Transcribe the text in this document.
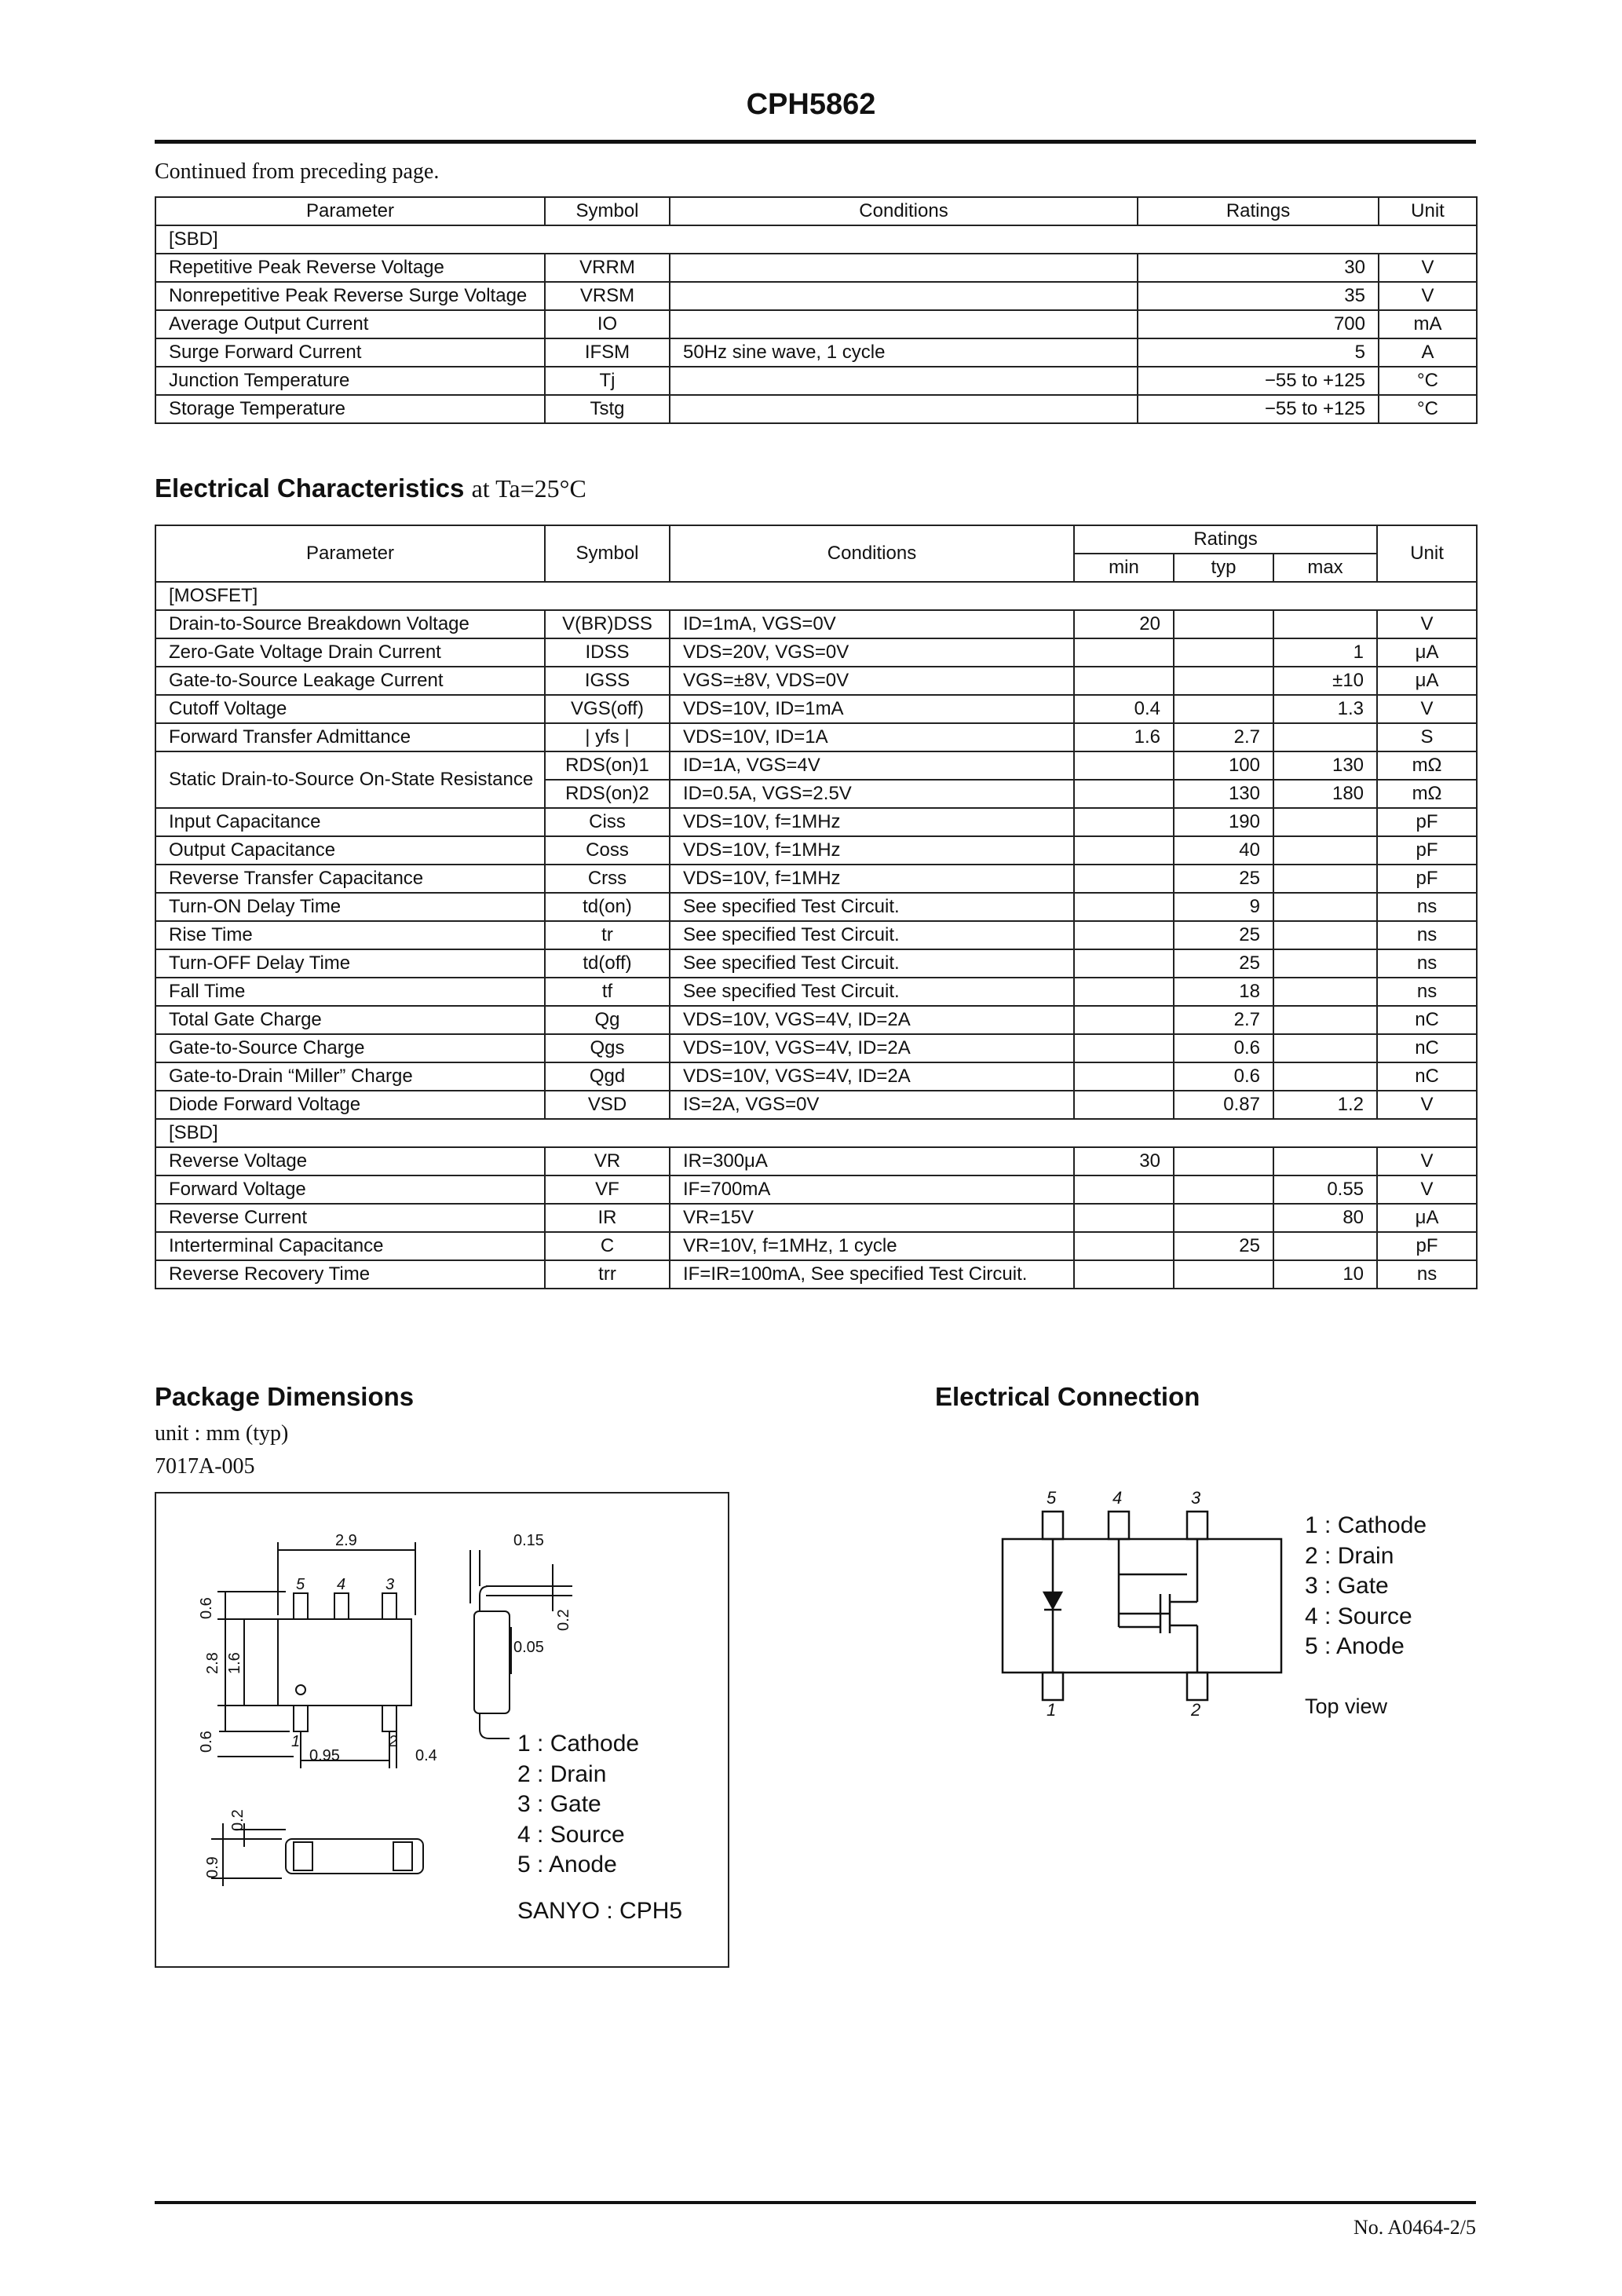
CPH5862
Continued from preceding page.
Parameter	Symbol	Conditions	Ratings	Unit
[SBD]				
Repetitive Peak Reverse Voltage	VRRM		30	V
Nonrepetitive Peak Reverse Surge Voltage	VRSM		35	V
Average Output Current	IO		700	mA
Surge Forward Current	IFSM	50Hz sine wave, 1 cycle	5	A
Junction Temperature	Tj		−55 to +125	°C
Storage Temperature	Tstg		−55 to +125	°C
Electrical Characteristics at Ta=25°C
Parameter	Symbol	Conditions	Ratings			Unit
			min	typ	max	
[MOSFET]						
Drain-to-Source Breakdown Voltage	V(BR)DSS	ID=1mA, VGS=0V	20			V
Zero-Gate Voltage Drain Current	IDSS	VDS=20V, VGS=0V			1	μA
Gate-to-Source Leakage Current	IGSS	VGS=±8V, VDS=0V			±10	μA
Cutoff Voltage	VGS(off)	VDS=10V, ID=1mA	0.4		1.3	V
Forward Transfer Admittance	| yfs |	VDS=10V, ID=1A	1.6	2.7		S
Static Drain-to-Source On-State Resistance	RDS(on)1	ID=1A, VGS=4V		100	130	mΩ
	RDS(on)2	ID=0.5A, VGS=2.5V		130	180	mΩ
Input Capacitance	Ciss	VDS=10V, f=1MHz		190		pF
Output Capacitance	Coss	VDS=10V, f=1MHz		40		pF
Reverse Transfer Capacitance	Crss	VDS=10V, f=1MHz		25		pF
Turn-ON Delay Time	td(on)	See specified Test Circuit.		9		ns
Rise Time	tr	See specified Test Circuit.		25		ns
Turn-OFF Delay Time	td(off)	See specified Test Circuit.		25		ns
Fall Time	tf	See specified Test Circuit.		18		ns
Total Gate Charge	Qg	VDS=10V, VGS=4V, ID=2A		2.7		nC
Gate-to-Source Charge	Qgs	VDS=10V, VGS=4V, ID=2A		0.6		nC
Gate-to-Drain “Miller” Charge	Qgd	VDS=10V, VGS=4V, ID=2A		0.6		nC
Diode Forward Voltage	VSD	IS=2A, VGS=0V		0.87	1.2	V
[SBD]						
Reverse Voltage	VR	IR=300μA	30			V
Forward Voltage	VF	IF=700mA			0.55	V
Reverse Current	IR	VR=15V			80	μA
Interterminal Capacitance	C	VR=10V, f=1MHz, 1 cycle		25		pF
Reverse Recovery Time	trr	IF=IR=100mA, See specified Test Circuit.			10	ns
Package Dimensions
unit : mm (typ)
7017A-005
2.9	0.15
0.6
2.8 1.6
0.2
0.05
0.6
0.95	0.4
0.2
0.9
5 4	3
1	2	1 : Cathode
2 : Drain
3 : Gate
4 : Source
5 : Anode
SANYO : CPH5
Electrical Connection
5	4	3
1	2
1 : Cathode
2 : Drain
3 : Gate
4 : Source
5 : Anode
Top view
No. A0464-2/5
